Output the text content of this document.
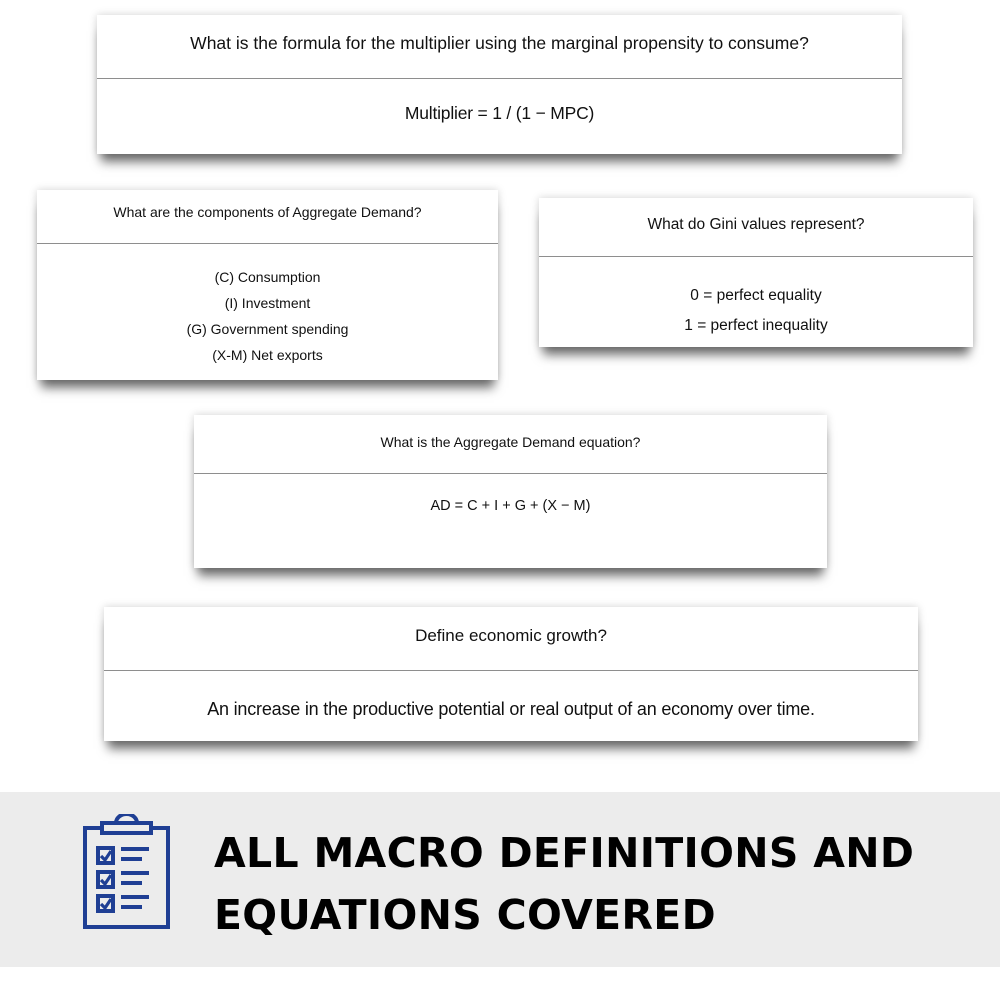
What is the formula for the multiplier using the marginal propensity to consume?
Multiplier = 1 / (1 − MPC)
What are the components of Aggregate Demand?
(C) Consumption
(I) Investment
(G) Government spending
(X-M) Net exports
What do Gini values represent?
0 = perfect equality
1 = perfect inequality
What is the Aggregate Demand equation?
AD = C + I + G + (X − M)
Define economic growth?
An increase in the productive potential or real output of an economy over time.
ALL MACRO DEFINITIONS AND
EQUATIONS COVERED
